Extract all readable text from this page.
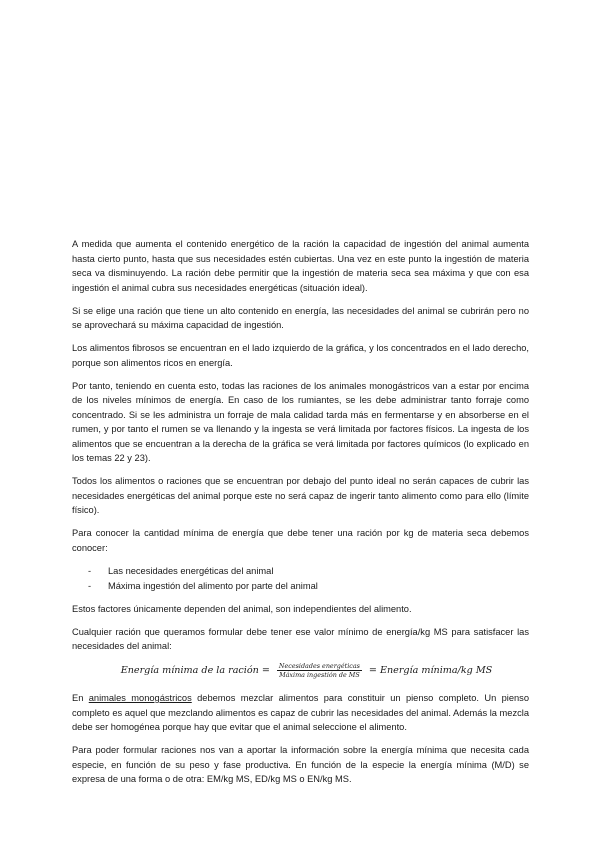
A medida que aumenta el contenido energético de la ración la capacidad de ingestión del animal aumenta hasta cierto punto, hasta que sus necesidades estén cubiertas. Una vez en este punto la ingestión de materia seca va disminuyendo. La ración debe permitir que la ingestión de materia seca sea máxima y que con esa ingestión el animal cubra sus necesidades energéticas (situación ideal).

Si se elige una ración que tiene un alto contenido en energía, las necesidades del animal se cubrirán pero no se aprovechará su máxima capacidad de ingestión.

Los alimentos fibrosos se encuentran en el lado izquierdo de la gráfica, y los concentrados en el lado derecho, porque son alimentos ricos en energía.

Por tanto, teniendo en cuenta esto, todas las raciones de los animales monogástricos van a estar por encima de los niveles mínimos de energía. En caso de los rumiantes, se les debe administrar tanto forraje como concentrado. Si se les administra un forraje de mala calidad tarda más en fermentarse y en absorberse en el rumen, y por tanto el rumen se va llenando y la ingesta se verá limitada por factores físicos. La ingesta de los alimentos que se encuentran a la derecha de la gráfica se verá limitada por factores químicos (lo explicado en los temas 22 y 23).

Todos los alimentos o raciones que se encuentran por debajo del punto ideal no serán capaces de cubrir las necesidades energéticas del animal porque este no será capaz de ingerir tanto alimento como para ello (límite físico).

Para conocer la cantidad mínima de energía que debe tener una ración por kg de materia seca debemos conocer:

- Las necesidades energéticas del animal
- Máxima ingestión del alimento por parte del animal

Estos factores únicamente dependen del animal, son independientes del alimento.

Cualquier ración que queramos formular debe tener ese valor mínimo de energía/kg MS para satisfacer las necesidades del animal:

Energía mínima de la ración = $\frac{\text{Necesidades energéticas}}{\text{Máxima ingestión de MS}}$ = Energía mínima/kg MS

En animales monogástricos debemos mezclar alimentos para constituir un pienso completo. Un pienso completo es aquel que mezclando alimentos es capaz de cubrir las necesidades del animal. Además la mezcla debe ser homogénea porque hay que evitar que el animal seleccione el alimento.

Para poder formular raciones nos van a aportar la información sobre la energía mínima que necesita cada especie, en función de su peso y fase productiva. En función de la especie la energía mínima (M/D) se expresa de una forma o de otra: EM/kg MS, ED/kg MS o EN/kg MS.
